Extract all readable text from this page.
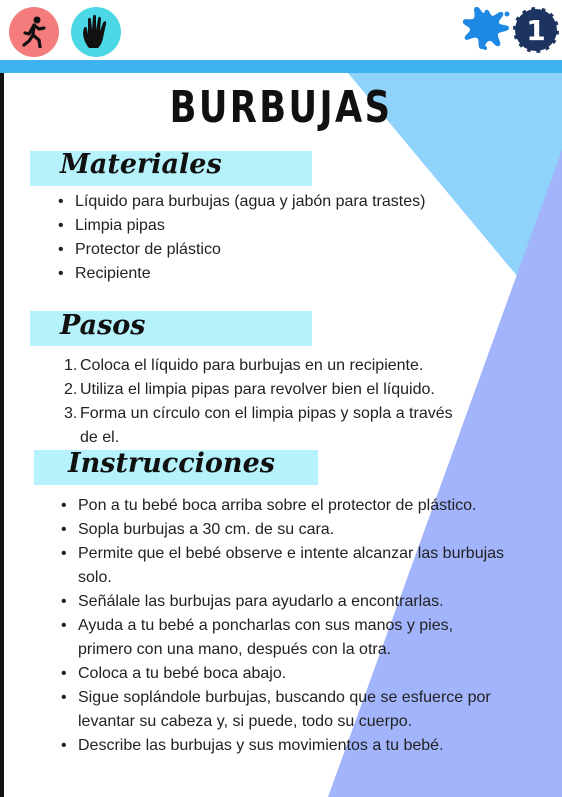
1
BURBUJAS
Materiales
• Líquido para burbujas (agua y jabón para trastes)
• Limpia pipas
• Protector de plástico
• Recipiente
Pasos
1. Coloca el líquido para burbujas en un recipiente.
2. Utiliza el limpia pipas para revolver bien el líquido.
3. Forma un círculo con el limpia pipas y sopla a través
de el.
Instrucciones
• Pon a tu bebé boca arriba sobre el protector de plástico.
• Sopla burbujas a 30 cm. de su cara.
• Permite que el bebé observe e intente alcanzar las burbujas
solo.
• Señálale las burbujas para ayudarlo a encontrarlas.
• Ayuda a tu bebé a poncharlas con sus manos y pies,
primero con una mano, después con la otra.
• Coloca a tu bebé boca abajo.
• Sigue soplándole burbujas, buscando que se esfuerce por
levantar su cabeza y, si puede, todo su cuerpo.
• Describe las burbujas y sus movimientos a tu bebé.
